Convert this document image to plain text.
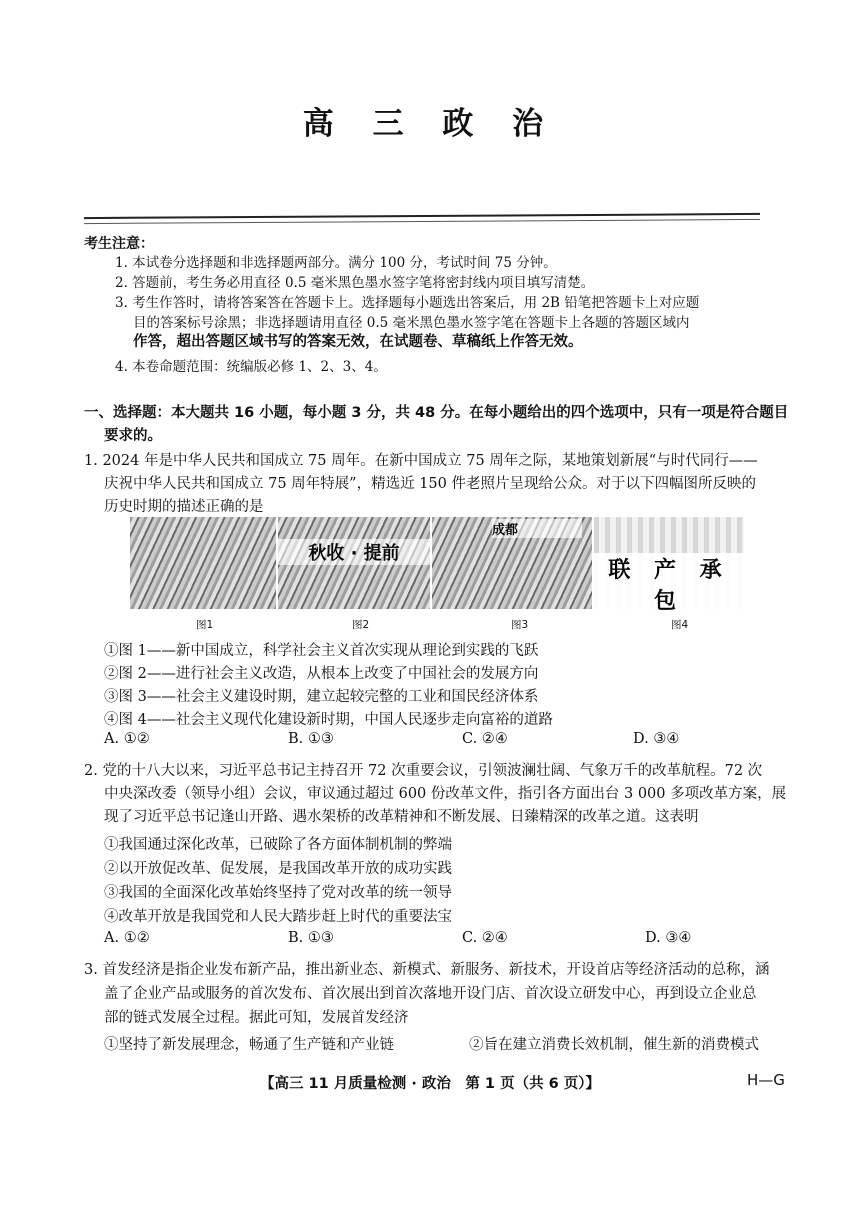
高 三 政 治
考生注意：
1. 本试卷分选择题和非选择题两部分。满分 100 分，考试时间 75 分钟。
2. 答题前，考生务必用直径 0.5 毫米黑色墨水签字笔将密封线内项目填写清楚。
3. 考生作答时，请将答案答在答题卡上。选择题每小题选出答案后，用 2B 铅笔把答题卡上对应题
目的答案标号涂黑；非选择题请用直径 0.5 毫米黑色墨水签字笔在答题卡上各题的答题区域内
作答，超出答题区域书写的答案无效，在试题卷、草稿纸上作答无效。
4. 本卷命题范围：统编版必修 1、2、3、4。
一、选择题：本大题共 16 小题，每小题 3 分，共 48 分。在每小题给出的四个选项中，只有一项是符合题目
要求的。
1. 2024 年是中华人民共和国成立 75 周年。在新中国成立 75 周年之际，某地策划新展“与时代同行——
庆祝中华人民共和国成立 75 周年特展”，精选近 150 件老照片呈现给公众。对于以下四幅图所反映的
历史时期的描述正确的是
秋收 · 提前
成都
联 产 承 包
图1	图2	图3	图4
①图 1——新中国成立，科学社会主义首次实现从理论到实践的飞跃
②图 2——进行社会主义改造，从根本上改变了中国社会的发展方向
③图 3——社会主义建设时期，建立起较完整的工业和国民经济体系
④图 4——社会主义现代化建设新时期，中国人民逐步走向富裕的道路
A. ①②	B. ①③	C. ②④	D. ③④
2. 党的十八大以来，习近平总书记主持召开 72 次重要会议，引领波澜壮阔、气象万千的改革航程。72 次
中央深改委（领导小组）会议，审议通过超过 600 份改革文件，指引各方面出台 3 000 多项改革方案，展
现了习近平总书记逢山开路、遇水架桥的改革精神和不断发展、日臻精深的改革之道。这表明
①我国通过深化改革，已破除了各方面体制机制的弊端
②以开放促改革、促发展，是我国改革开放的成功实践
③我国的全面深化改革始终坚持了党对改革的统一领导
④改革开放是我国党和人民大踏步赶上时代的重要法宝
A. ①②	B. ①③	C. ②④	D. ③④
3. 首发经济是指企业发布新产品，推出新业态、新模式、新服务、新技术，开设首店等经济活动的总称，涵
盖了企业产品或服务的首次发布、首次展出到首次落地开设门店、首次设立研发中心，再到设立企业总
部的链式发展全过程。据此可知，发展首发经济
①坚持了新发展理念，畅通了生产链和产业链	②旨在建立消费长效机制，催生新的消费模式
【高三 11 月质量检测 · 政治　第 1 页（共 6 页）】	H—G
